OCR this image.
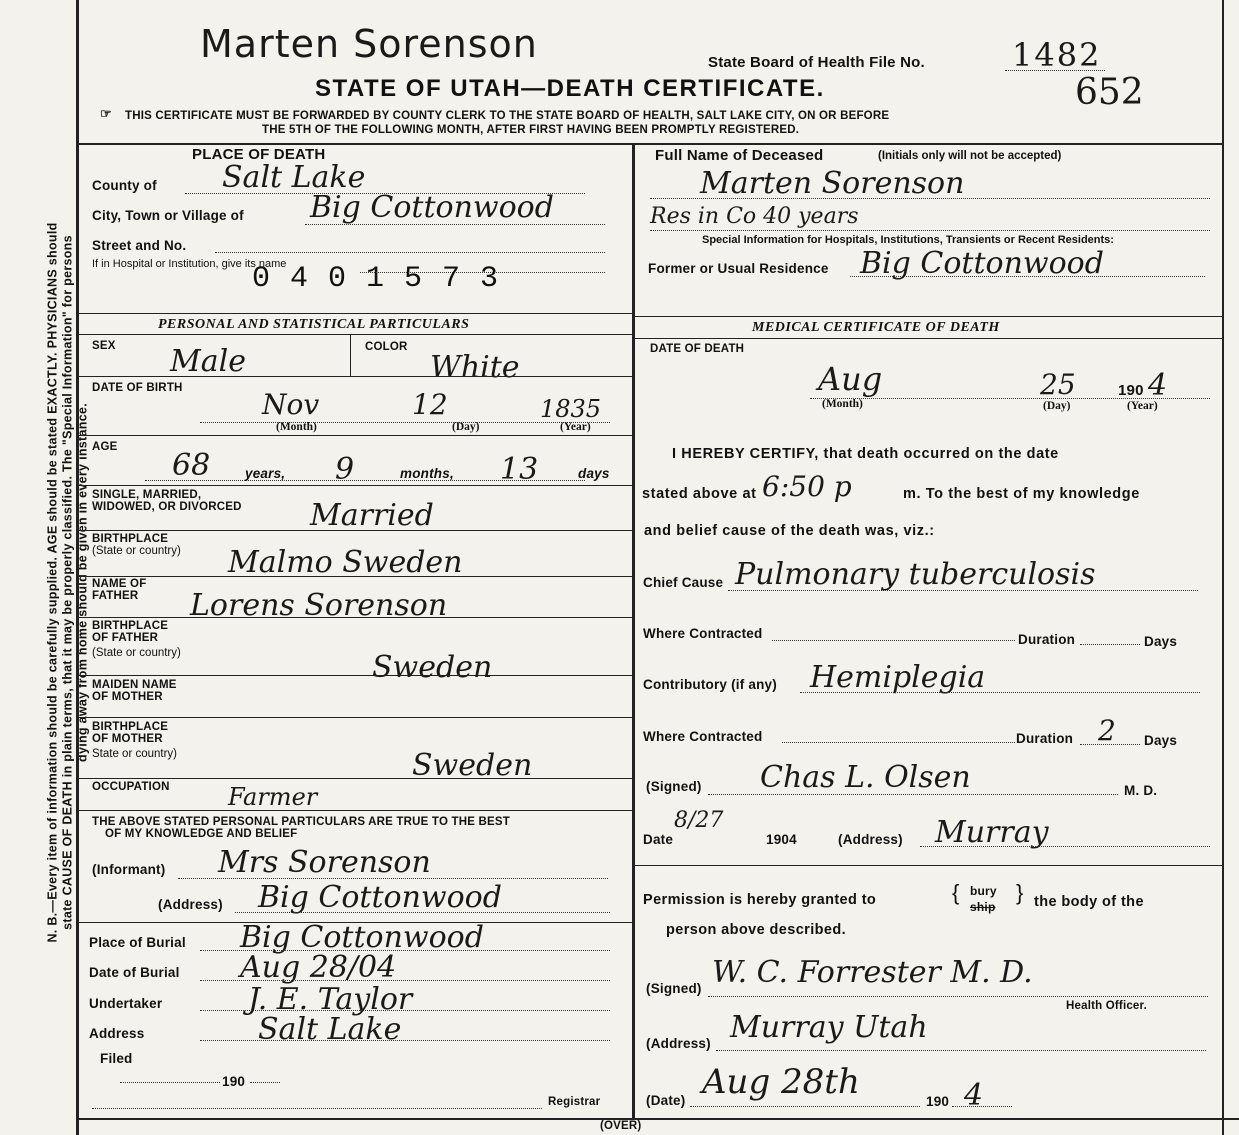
N. B.—Every item of information should be carefully supplied. AGE should be stated EXACTLY. PHYSICIANS should state CAUSE OF DEATH in plain terms, that it may be properly classified. The "Special Information" for persons dying away from home should be given in every instance.
Marten Sorenson	State Board of Health File No.	1482
STATE OF UTAH—DEATH CERTIFICATE.	652
☞ THIS CERTIFICATE MUST BE FORWARDED BY COUNTY CLERK TO THE STATE BOARD OF HEALTH, SALT LAKE CITY, ON OR BEFORE
THE 5TH OF THE FOLLOWING MONTH, AFTER FIRST HAVING BEEN PROMPTLY REGISTERED.
PLACE OF DEATH
County of Salt Lake
City, Town or Village of Big Cottonwood
Street and No.
If in Hospital or Institution, give its name
0401573
PERSONAL AND STATISTICAL PARTICULARS
SEX Male	COLOR
White
DATE OF BIRTH	Nov	12	1835
(Month)	(Day)	(Year)
AGE
68	years, 9	months, 13	days
SINGLE, MARRIED,
WIDOWED, OR DIVORCED Married
BIRTHPLACE
(State or country) Malmo Sweden
NAME OF
FATHER Lorens Sorenson
BIRTHPLACE
OF FATHER
(State or country)	Sweden
MAIDEN NAME
OF MOTHER
BIRTHPLACE
OF MOTHER
State or country)	Sweden
OCCUPATION Farmer
THE ABOVE STATED PERSONAL PARTICULARS ARE TRUE TO THE BEST
OF MY KNOWLEDGE AND BELIEF
(Informant) Mrs Sorenson
(Address) Big Cottonwood
Place of Burial Big Cottonwood
Date of Burial Aug 28/04
Undertaker	J. E. Taylor
Address	Salt Lake
Filed
190
Registrar
Full Name of Deceased	(Initials only will not be accepted)
Marten Sorenson
Res in Co 40 years
Special Information for Hospitals, Institutions, Transients or Recent Residents:
Former or Usual Residence Big Cottonwood
MEDICAL CERTIFICATE OF DEATH
DATE OF DEATH
Aug	25	190 4
(Month)	(Day)	(Year)
I HEREBY CERTIFY, that death occurred on the date
stated above at 6:50 p	m. To the best of my knowledge
and belief cause of the death was, viz.:
Chief Cause Pulmonary tuberculosis
Where Contracted	Duration	Days
Contributory (if any) Hemiplegia
Where Contracted	Duration 2 Days
(Signed) Chas L. Olsen	M. D.
Date
8/27
1904	(Address) Murray
Permission is hereby granted to	{ bury
ship
} the body of the
person above described.
(Signed) W. C. Forrester M. D.
Health Officer.
(Address) Murray Utah
(Date) Aug 28th	190 4
(OVER)
